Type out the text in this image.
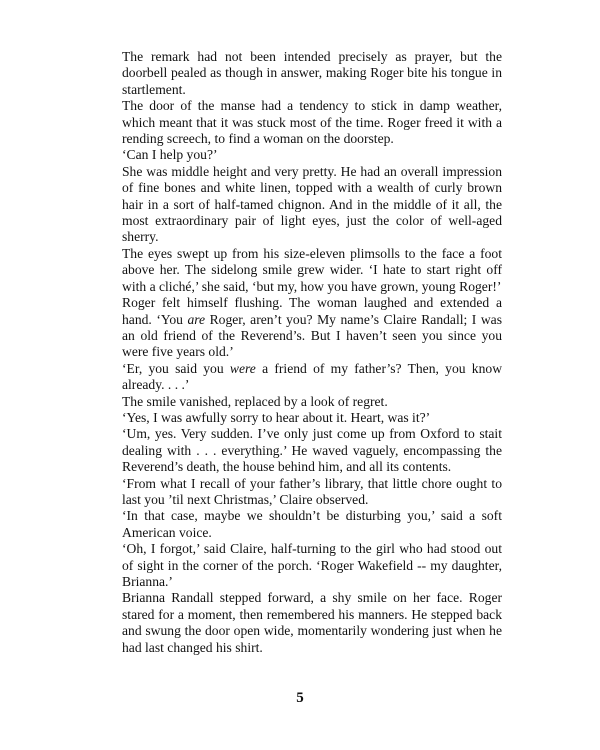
The remark had not been intended precisely as prayer, but the doorbell pealed as though in answer, making Roger bite his tongue in startlement.

The door of the manse had a tendency to stick in damp weather, which meant that it was stuck most of the time. Roger freed it with a rending screech, to find a woman on the doorstep.

‘Can I help you?’

She was middle height and very pretty. He had an overall impression of fine bones and white linen, topped with a wealth of curly brown hair in a sort of half-tamed chignon. And in the middle of it all, the most extraordinary pair of light eyes, just the color of well-aged sherry.

The eyes swept up from his size-eleven plimsolls to the face a foot above her. The sidelong smile grew wider. ‘I hate to start right off with a cliché,’ she said, ‘but my, how you have grown, young Roger!’

Roger felt himself flushing. The woman laughed and extended a hand. ‘You are Roger, aren’t you? My name’s Claire Randall; I was an old friend of the Reverend’s. But I haven’t seen you since you were five years old.’

‘Er, you said you were a friend of my father’s? Then, you know already. . . .’

The smile vanished, replaced by a look of regret.

‘Yes, I was awfully sorry to hear about it. Heart, was it?’

‘Um, yes. Very sudden. I’ve only just come up from Oxford to stait dealing with . . . everything.’ He waved vaguely, encompassing the Reverend’s death, the house behind him, and all its contents.

‘From what I recall of your father’s library, that little chore ought to last you ’til next Christmas,’ Claire observed.

‘In that case, maybe we shouldn’t be disturbing you,’ said a soft American voice.

‘Oh, I forgot,’ said Claire, half-turning to the girl who had stood out of sight in the corner of the porch. ‘Roger Wakefield -- my daughter, Brianna.’

Brianna Randall stepped forward, a shy smile on her face. Roger stared for a moment, then remembered his manners. He stepped back and swung the door open wide, momentarily wondering just when he had last changed his shirt.

5
